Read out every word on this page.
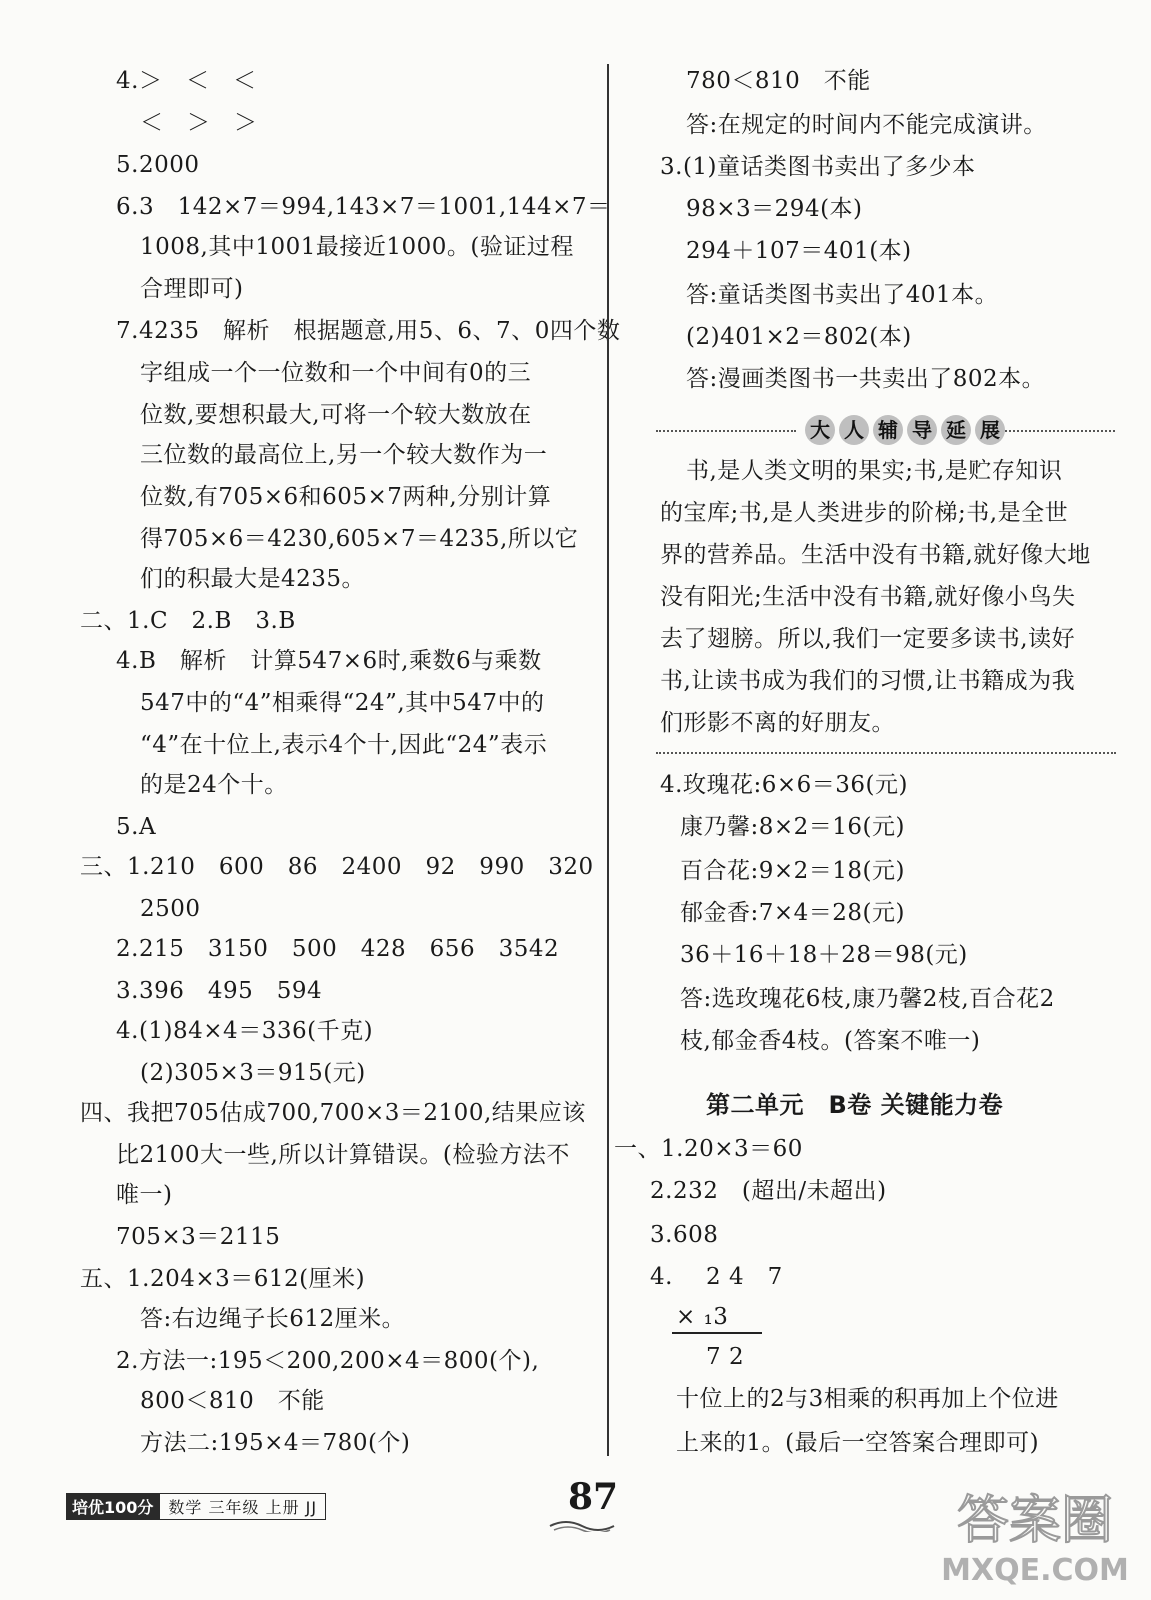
4.＞　＜　＜
＜　＞　＞
5.2000
6.3　142×7＝994,143×7＝1001,144×7＝
1008,其中1001最接近1000。(验证过程
合理即可)
7.4235　解析　根据题意,用5、6、7、0四个数
字组成一个一位数和一个中间有0的三
位数,要想积最大,可将一个较大数放在
三位数的最高位上,另一个较大数作为一
位数,有705×6和605×7两种,分别计算
得705×6＝4230,605×7＝4235,所以它
们的积最大是4235。
二、1.C　2.B　3.B
4.B　解析　计算547×6时,乘数6与乘数
547中的“4”相乘得“24”,其中547中的
“4”在十位上,表示4个十,因此“24”表示
的是24个十。
5.A
三、1.210　600　86　2400　92　990　320
2500
2.215　3150　500　428　656　3542
3.396　495　594
4.(1)84×4＝336(千克)
(2)305×3＝915(元)
四、我把705估成700,700×3＝2100,结果应该
比2100大一些,所以计算错误。(检验方法不
唯一)
705×3＝2115
五、1.204×3＝612(厘米)
答:右边绳子长612厘米。
2.方法一:195＜200,200×4＝800(个),
800＜810　不能
方法二:195×4＝780(个)
780＜810　不能
答:在规定的时间内不能完成演讲。
3.(1)童话类图书卖出了多少本
98×3＝294(本)
294＋107＝401(本)
答:童话类图书卖出了401本。
(2)401×2＝802(本)
答:漫画类图书一共卖出了802本。
书,是人类文明的果实;书,是贮存知识
的宝库;书,是人类进步的阶梯;书,是全世
界的营养品。生活中没有书籍,就好像大地
没有阳光;生活中没有书籍,就好像小鸟失
去了翅膀。所以,我们一定要多读书,读好
书,让读书成为我们的习惯,让书籍成为我
们形影不离的好朋友。
4.玫瑰花:6×6＝36(元)
康乃馨:8×2＝16(元)
百合花:9×2＝18(元)
郁金香:7×4＝28(元)
36＋16＋18＋28＝98(元)
答:选玫瑰花6枝,康乃馨2枝,百合花2
枝,郁金香4枝。(答案不唯一)
一、1.20×3＝60
2.232　(超出/未超出)
3.608
4.
十位上的2与3相乘的积再加上个位进
上来的1。(最后一空答案合理即可)
大 人 辅 导 延 展
第二单元　B卷 关键能力卷
2 4　7
× ₁3
7 2
培优100分 数学 三年级 上册 JJ	87	答案圈
MXQE.COM
